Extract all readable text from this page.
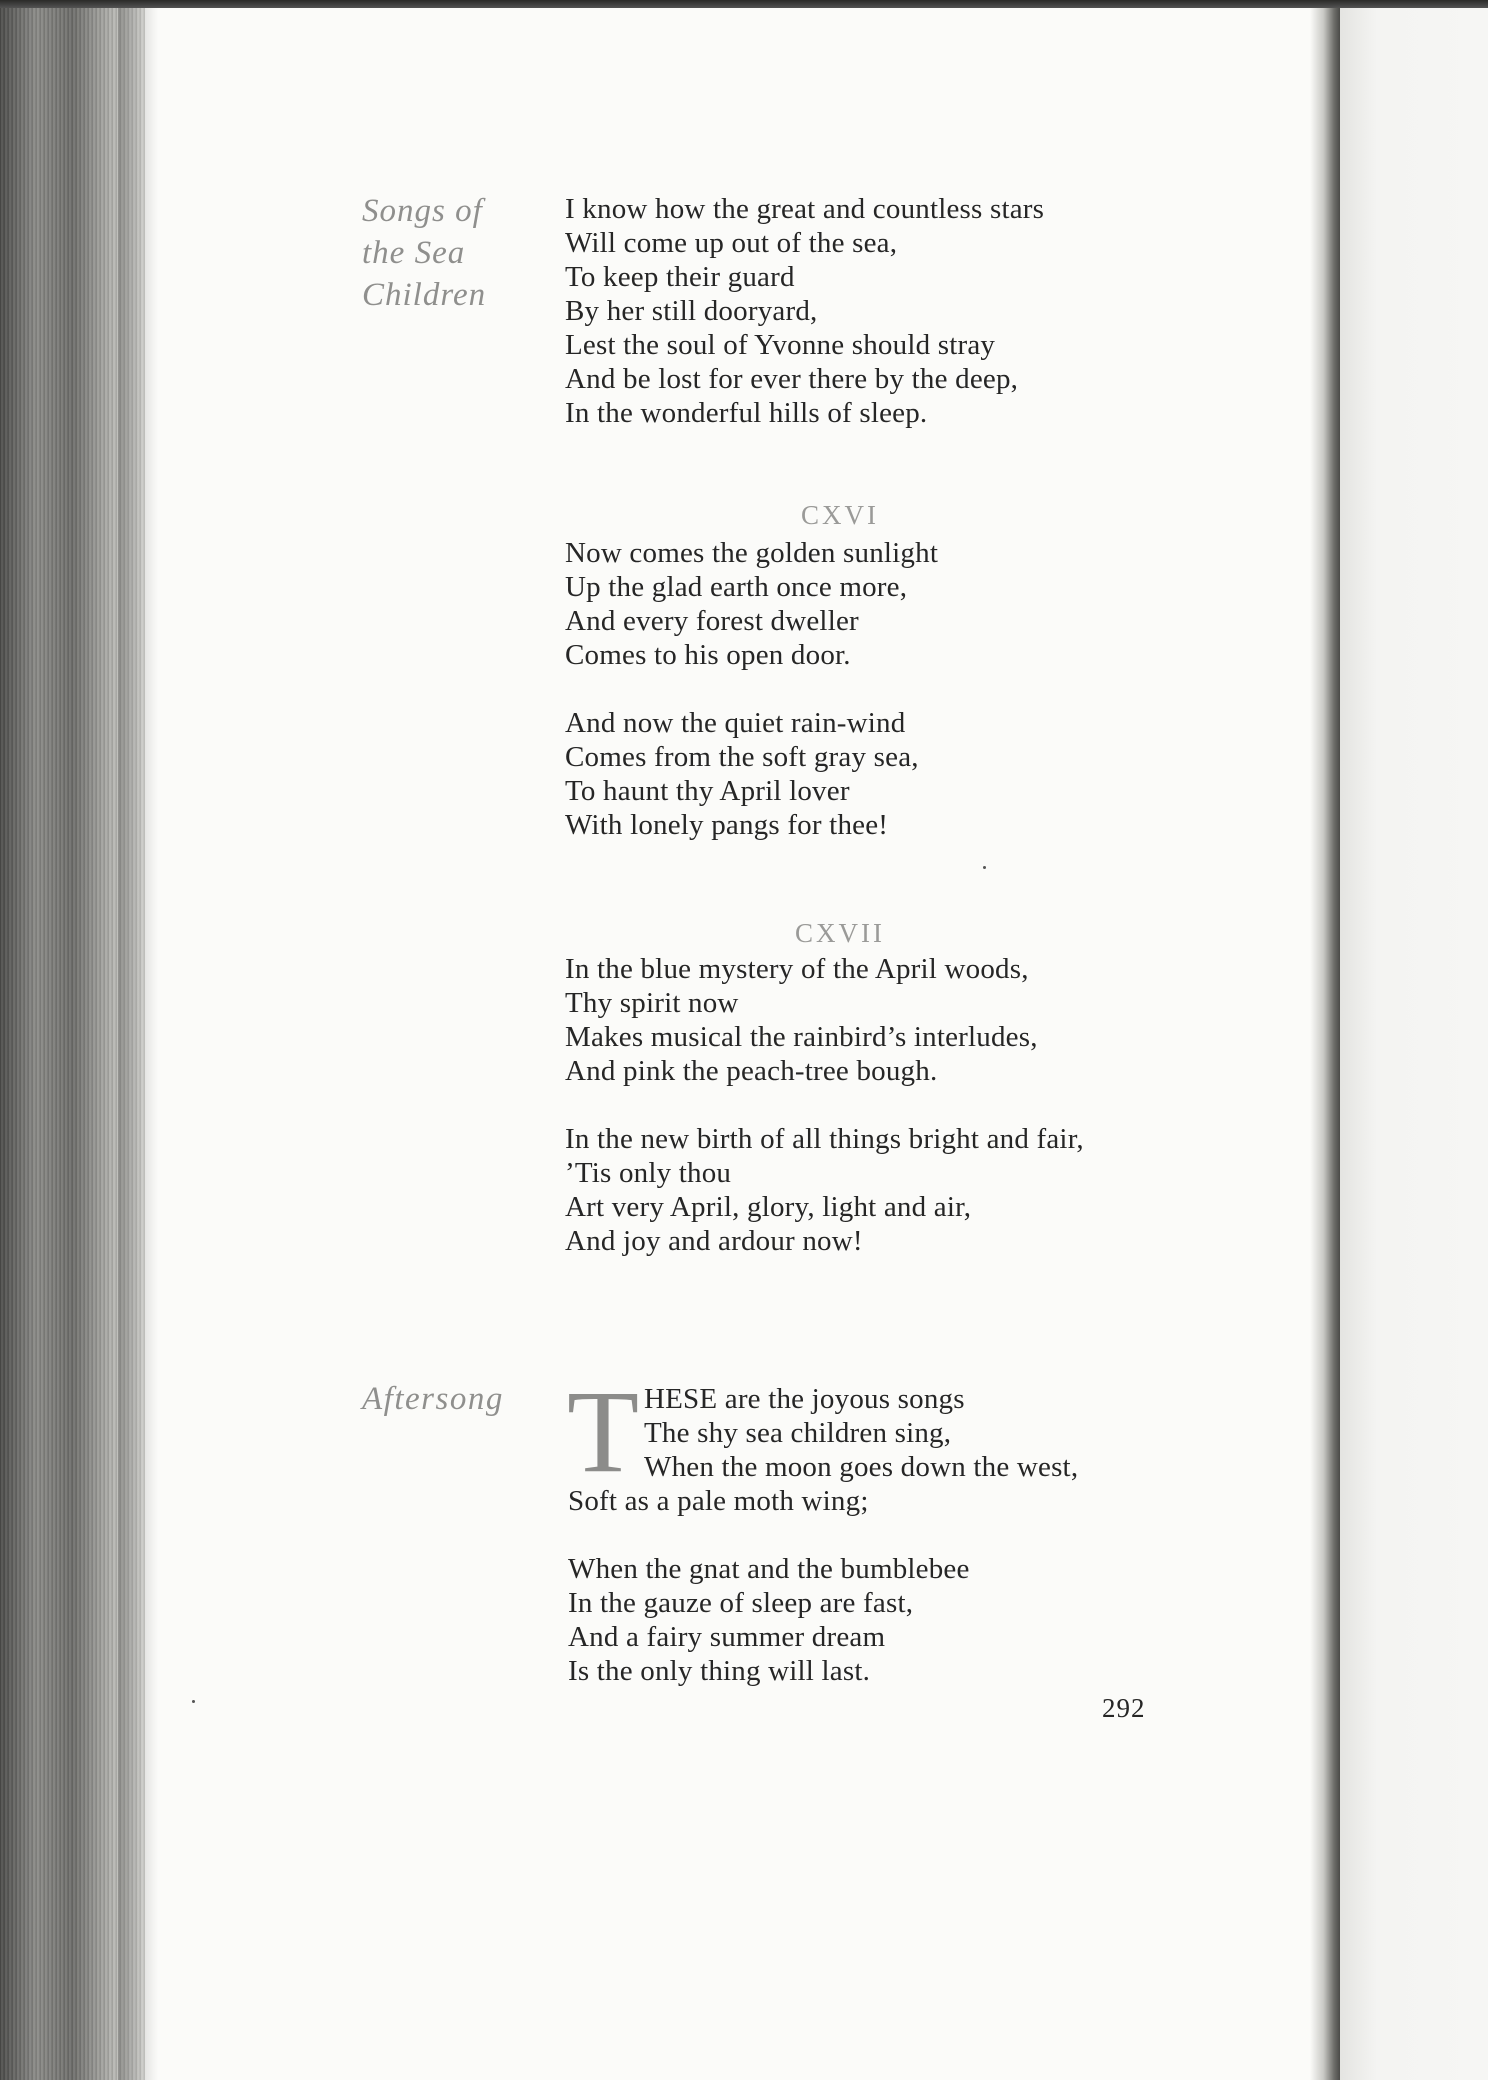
Songs of
the Sea
Children

I know how the great and countless stars
Will come up out of the sea,
To keep their guard
By her still dooryard,
Lest the soul of Yvonne should stray
And be lost for ever there by the deep,
In the wonderful hills of sleep.
CXVI
Now comes the golden sunlight
Up the glad earth once more,
And every forest dweller
Comes to his open door.
And now the quiet rain-wind
Comes from the soft gray sea,
To haunt thy April lover
With lonely pangs for thee!
CXVII
In the blue mystery of the April woods,
Thy spirit now
Makes musical the rainbird’s interludes,
And pink the peach-tree bough.
In the new birth of all things bright and fair,
’Tis only thou
Art very April, glory, light and air,
And joy and ardour now!

Aftersong T HESE are the joyous songs
The shy sea children sing,
When the moon goes down the west,
Soft as a pale moth wing;
When the gnat and the bumblebee
In the gauze of sleep are fast,
And a fairy summer dream
Is the only thing will last.

292
